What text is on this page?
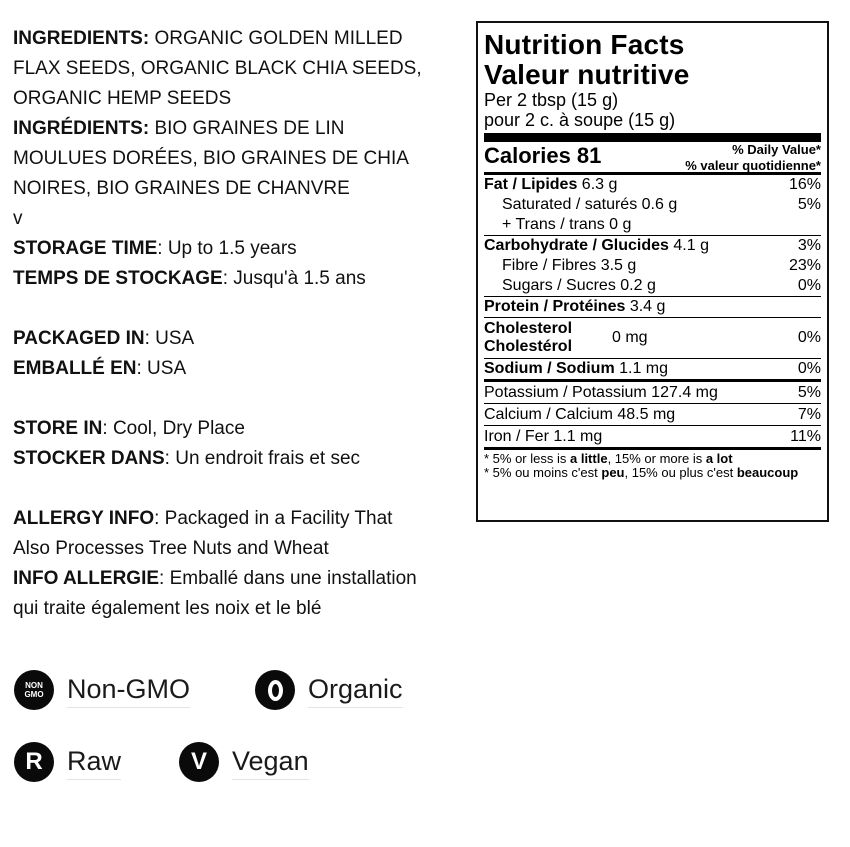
INGREDIENTS: ORGANIC GOLDEN MILLED

FLAX SEEDS, ORGANIC BLACK CHIA SEEDS,

ORGANIC HEMP SEEDS

INGRÉDIENTS: BIO GRAINES DE LIN

MOULUES DORÉES, BIO GRAINES DE CHIA

NOIRES, BIO GRAINES DE CHANVRE

v

STORAGE TIME: Up to 1.5 years

TEMPS DE STOCKAGE: Jusqu'à 1.5 ans

PACKAGED IN: USA

EMBALLÉ EN: USA

STORE IN: Cool, Dry Place

STOCKER DANS: Un endroit frais et sec

ALLERGY INFO: Packaged in a Facility That

Also Processes Tree Nuts and Wheat

INFO ALLERGIE: Emballé dans une installation

qui traite également les noix et le blé

NON
GMO Non-GMO	Organic
R Raw	V Vegan
Nutrition Facts
Valeur nutritive
Per 2 tbsp (15 g)
pour 2 c. à soupe (15 g)
Calories 81	% Daily Value*
% valeur quotidienne*
Fat / Lipides 6.3 g	16%
Saturated / saturés 0.6 g	5%
+ Trans / trans 0 g
Carbohydrate / Glucides 4.1 g	3%
Fibre / Fibres 3.5 g	23%
Sugars / Sucres 0.2 g	0%
Protein / Protéines 3.4 g
Cholesterol
Cholestérol
0 mg	0%
Sodium / Sodium 1.1 mg	0%
Potassium / Potassium 127.4 mg	5%
Calcium / Calcium 48.5 mg	7%
Iron / Fer 1.1 mg	11%
* 5% or less is a little, 15% or more is a lot
* 5% ou moins c'est peu, 15% ou plus c'est beaucoup
